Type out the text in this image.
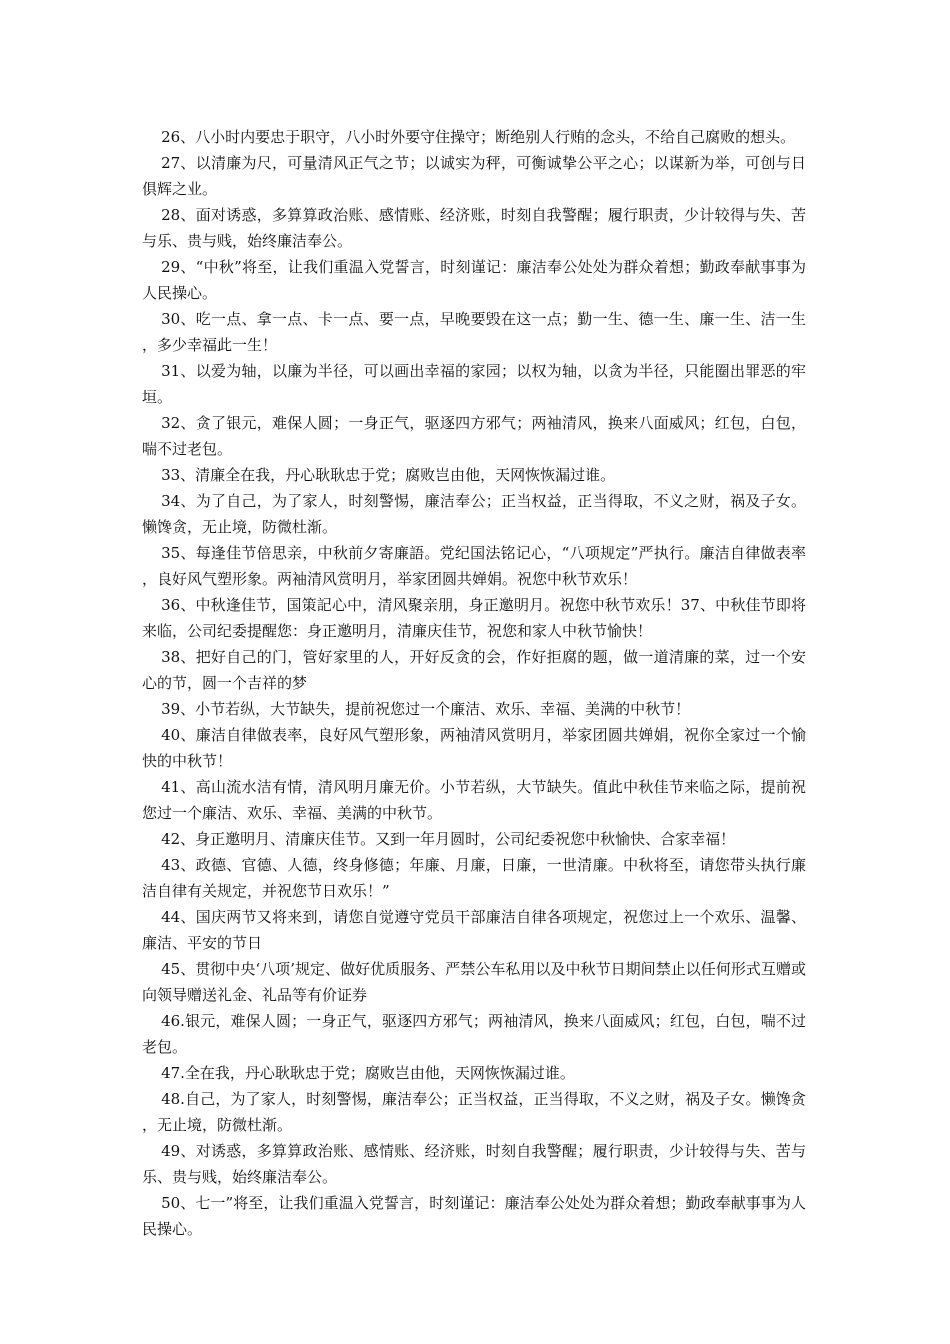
26、八小时内要忠于职守，八小时外要守住操守；断绝别人行贿的念头，不给自己腐败的想头。

27、以清廉为尺，可量清风正气之节；以诚实为秤，可衡诚挚公平之心；以谋新为举，可创与日俱辉之业。

28、面对诱惑，多算算政治账、感情账、经济账，时刻自我警醒；履行职责，少计较得与失、苦与乐、贵与贱，始终廉洁奉公。

29、“中秋”将至，让我们重温入党誓言，时刻谨记：廉洁奉公处处为群众着想；勤政奉献事事为人民操心。

30、吃一点、拿一点、卡一点、要一点，早晚要毁在这一点；勤一生、德一生、廉一生、洁一生，多少幸福此一生！

31、以爱为轴，以廉为半径，可以画出幸福的家园；以权为轴，以贪为半径，只能圈出罪恶的牢垣。

32、贪了银元，难保人圆；一身正气，驱逐四方邪气；两袖清风，换来八面威风；红包，白包，喘不过老包。

33、清廉全在我，丹心耿耿忠于党；腐败岂由他，天网恢恢漏过谁。

34、为了自己，为了家人，时刻警惕，廉洁奉公；正当权益，正当得取，不义之财，祸及子女。懒馋贪，无止境，防微杜渐。

35、每逢佳节倍思亲，中秋前夕寄廉語。党纪国法铭记心，“八项规定”严执行。廉洁自律做表率，良好风气塑形象。两袖清风赏明月，举家团圆共婵娟。祝您中秋节欢乐！

36、中秋逢佳节，国策記心中，清风聚亲朋，身正邀明月。祝您中秋节欢乐！37、中秋佳节即将来临，公司纪委提醒您：身正邀明月，清廉庆佳节，祝您和家人中秋节愉快！

38、把好自己的门，管好家里的人，开好反贪的会，作好拒腐的题，做一道清廉的菜，过一个安心的节，圆一个吉祥的梦

39、小节若纵，大节缺失，提前祝您过一个廉洁、欢乐、幸福、美满的中秋节！

40、廉洁自律做表率，良好风气塑形象，两袖清风赏明月，举家团圆共婵娟，祝你全家过一个愉快的中秋节！

41、高山流水洁有情，清风明月廉无价。小节若纵，大节缺失。值此中秋佳节来临之际，提前祝您过一个廉洁、欢乐、幸福、美满的中秋节。

42、身正邀明月、清廉庆佳节。又到一年月圆时，公司纪委祝您中秋愉快、合家幸福！

43、政德、官德、人德，终身修德；年廉、月廉，日廉，一世清廉。中秋将至，请您带头执行廉洁自律有关规定，并祝您节日欢乐！”

44、国庆两节又将来到，请您自觉遵守党员干部廉洁自律各项规定，祝您过上一个欢乐、温馨、廉洁、平安的节日

45、贯彻中央‘八项’规定、做好优质服务、严禁公车私用以及中秋节日期间禁止以任何形式互赠或向领导赠送礼金、礼品等有价证券

46.银元，难保人圆；一身正气，驱逐四方邪气；两袖清风，换来八面威风；红包，白包，喘不过老包。

47.全在我，丹心耿耿忠于党；腐败岂由他，天网恢恢漏过谁。

48.自己，为了家人，时刻警惕，廉洁奉公；正当权益，正当得取，不义之财，祸及子女。懒馋贪，无止境，防微杜渐。

49、对诱惑，多算算政治账、感情账、经济账，时刻自我警醒；履行职责，少计较得与失、苦与乐、贵与贱，始终廉洁奉公。

50、七一”将至，让我们重温入党誓言，时刻谨记：廉洁奉公处处为群众着想；勤政奉献事事为人民操心。
